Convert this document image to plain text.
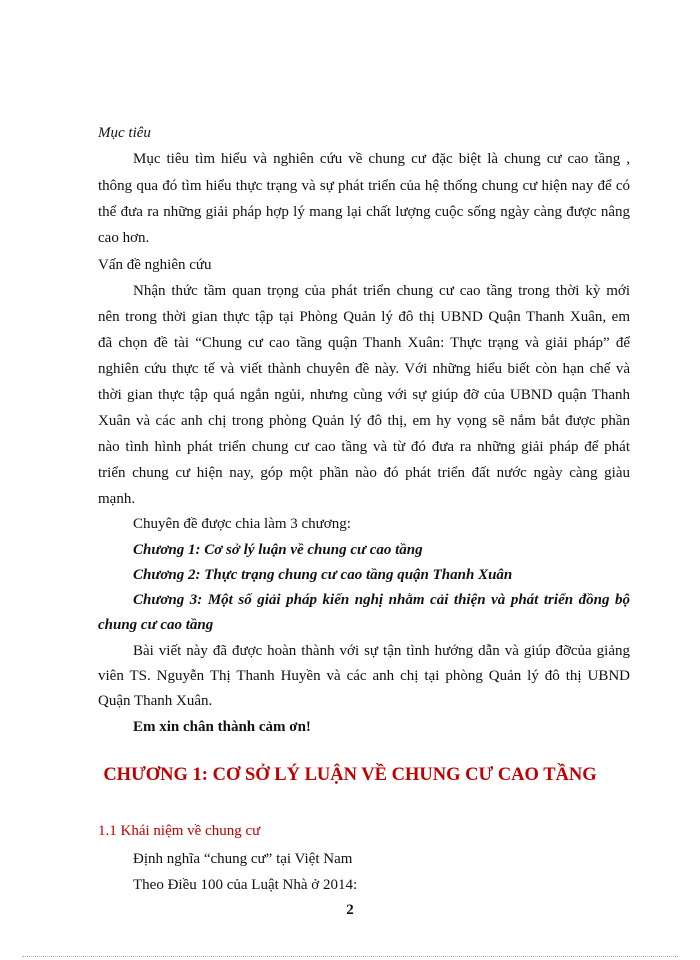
Mục tiêu
Mục tiêu tìm hiểu và nghiên cứu về chung cư đặc biệt là chung cư cao tầng ,
thông qua đó tìm hiểu thực trạng và sự phát triển của hệ thống chung cư hiện nay để có
thể đưa ra những giải pháp hợp lý mang lại chất lượng cuộc sống ngày càng được nâng
cao hơn.
Vấn đề nghiên cứu
Nhận thức tầm quan trọng của phát triển chung cư cao tầng trong thời kỳ mới
nên trong thời gian thực tập tại Phòng Quản lý đô thị UBND Quận Thanh Xuân, em
đã chọn đề tài “Chung cư cao tầng quận Thanh Xuân: Thực trạng và giải pháp” để
nghiên cứu thực tế và viết thành chuyên đề này. Với những hiểu biết còn hạn chế và
thời gian thực tập quá ngắn ngủi, nhưng cùng với sự giúp đỡ của UBND quận Thanh
Xuân và các anh chị trong phòng Quản lý đô thị, em hy vọng sẽ nắm bắt được phần
nào tình hình phát triển chung cư cao tầng và từ đó đưa ra những giải pháp để phát
triển chung cư hiện nay, góp một phần nào đó phát triển đất nước ngày càng giàu
mạnh.
Chuyên đề được chia làm 3 chương:
Chương 1: Cơ sở lý luận về chung cư cao tầng
Chương 2: Thực trạng chung cư cao tầng quận Thanh Xuân
Chương 3: Một số giải pháp kiến nghị nhằm cải thiện và phát triển đồng bộ
chung cư cao tầng
Bài viết này đã được hoàn thành với sự tận tình hướng dẫn và giúp đỡcủa giảng
viên TS. Nguyễn Thị Thanh Huyền và các anh chị tại phòng Quản lý đô thị UBND
Quận Thanh Xuân.
Em xin chân thành cảm ơn!
CHƯƠNG 1: CƠ SỞ LÝ LUẬN VỀ CHUNG CƯ CAO TẦNG
1.1 Khái niệm về chung cư
Định nghĩa “chung cư” tại Việt Nam
Theo Điều 100 của Luật Nhà ở 2014:
2
